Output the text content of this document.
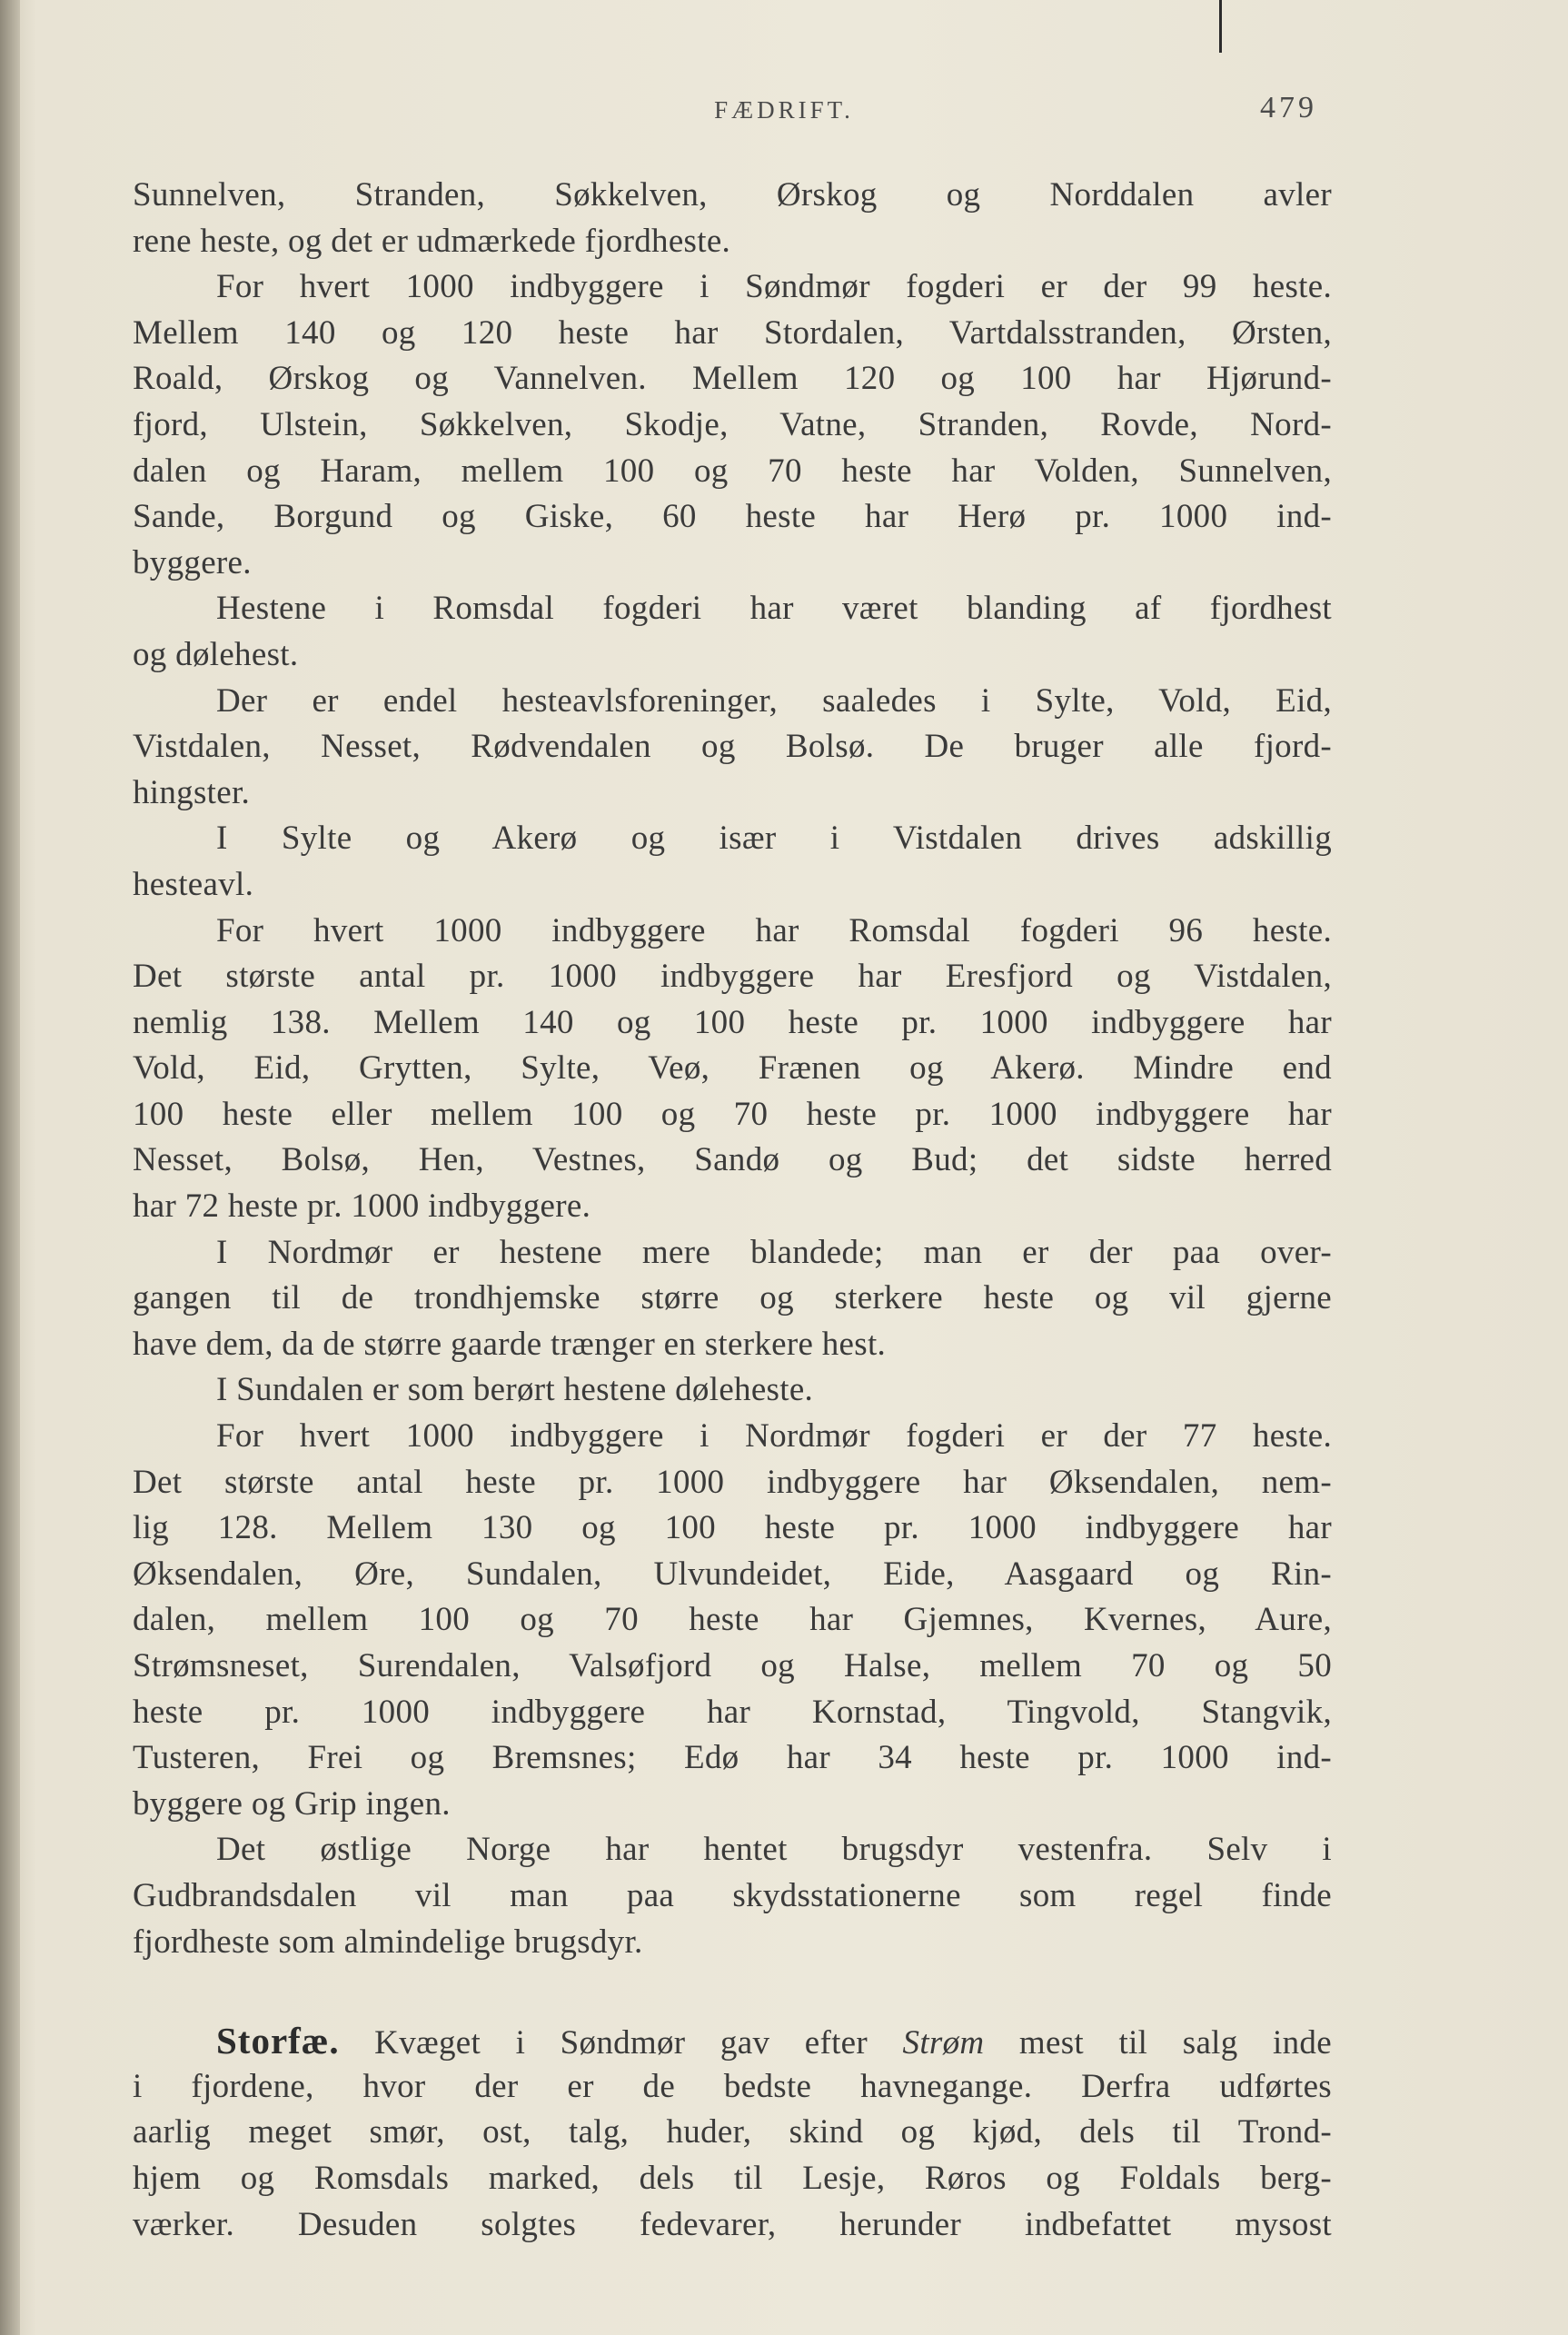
FÆDRIFT.	479
Sunnelven, Stranden, Søkkelven, Ørskog og Norddalen avler
rene heste, og det er udmærkede fjordheste.
For hvert 1000 indbyggere i Søndmør fogderi er der 99 heste.
Mellem 140 og 120 heste har Stordalen, Vartdalsstranden, Ørsten,
Roald, Ørskog og Vannelven. Mellem 120 og 100 har Hjørund-
fjord, Ulstein, Søkkelven, Skodje, Vatne, Stranden, Rovde, Nord-
dalen og Haram, mellem 100 og 70 heste har Volden, Sunnelven,
Sande, Borgund og Giske, 60 heste har Herø pr. 1000 ind-
byggere.
Hestene i Romsdal fogderi har været blanding af fjordhest
og dølehest.
Der er endel hesteavlsforeninger, saaledes i Sylte, Vold, Eid,
Vistdalen, Nesset, Rødvendalen og Bolsø. De bruger alle fjord-
hingster.
I Sylte og Akerø og især i Vistdalen drives adskillig
hesteavl.
For hvert 1000 indbyggere har Romsdal fogderi 96 heste.
Det største antal pr. 1000 indbyggere har Eresfjord og Vistdalen,
nemlig 138. Mellem 140 og 100 heste pr. 1000 indbyggere har
Vold, Eid, Grytten, Sylte, Veø, Frænen og Akerø. Mindre end
100 heste eller mellem 100 og 70 heste pr. 1000 indbyggere har
Nesset, Bolsø, Hen, Vestnes, Sandø og Bud; det sidste herred
har 72 heste pr. 1000 indbyggere.
I Nordmør er hestene mere blandede; man er der paa over-
gangen til de trondhjemske større og sterkere heste og vil gjerne
have dem, da de større gaarde trænger en sterkere hest.
I Sundalen er som berørt hestene døleheste.
For hvert 1000 indbyggere i Nordmør fogderi er der 77 heste.
Det største antal heste pr. 1000 indbyggere har Øksendalen, nem-
lig 128. Mellem 130 og 100 heste pr. 1000 indbyggere har
Øksendalen, Øre, Sundalen, Ulvundeidet, Eide, Aasgaard og Rin-
dalen, mellem 100 og 70 heste har Gjemnes, Kvernes, Aure,
Strømsneset, Surendalen, Valsøfjord og Halse, mellem 70 og 50
heste pr. 1000 indbyggere har Kornstad, Tingvold, Stangvik,
Tusteren, Frei og Bremsnes; Edø har 34 heste pr. 1000 ind-
byggere og Grip ingen.
Det østlige Norge har hentet brugsdyr vestenfra. Selv i
Gudbrandsdalen vil man paa skydsstationerne som regel finde
fjordheste som almindelige brugsdyr.
Storfæ. Kvæget i Søndmør gav efter Strøm mest til salg inde
i fjordene, hvor der er de bedste havnegange. Derfra udførtes
aarlig meget smør, ost, talg, huder, skind og kjød, dels til Trond-
hjem og Romsdals marked, dels til Lesje, Røros og Foldals berg-
værker. Desuden solgtes fedevarer, herunder indbefattet mysost
